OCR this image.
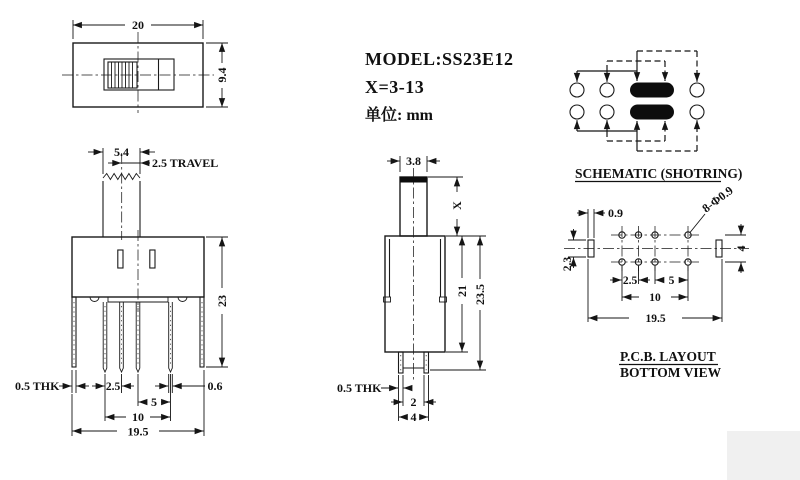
20
9.4
5.4
2.5 TRAVEL
23
0.5 THK	2.5	0.6
5
10
19.5
3.8
X
21 23.5
0.5 THK
2
4
MODEL:SS23E12
X=3-13
单位: mm
SCHEMATIC (SHOTRING)
0.9
2.3
8-Φ0.9
4
2.5	5
10
19.5
P.C.B. LAYOUT
BOTTOM VIEW
